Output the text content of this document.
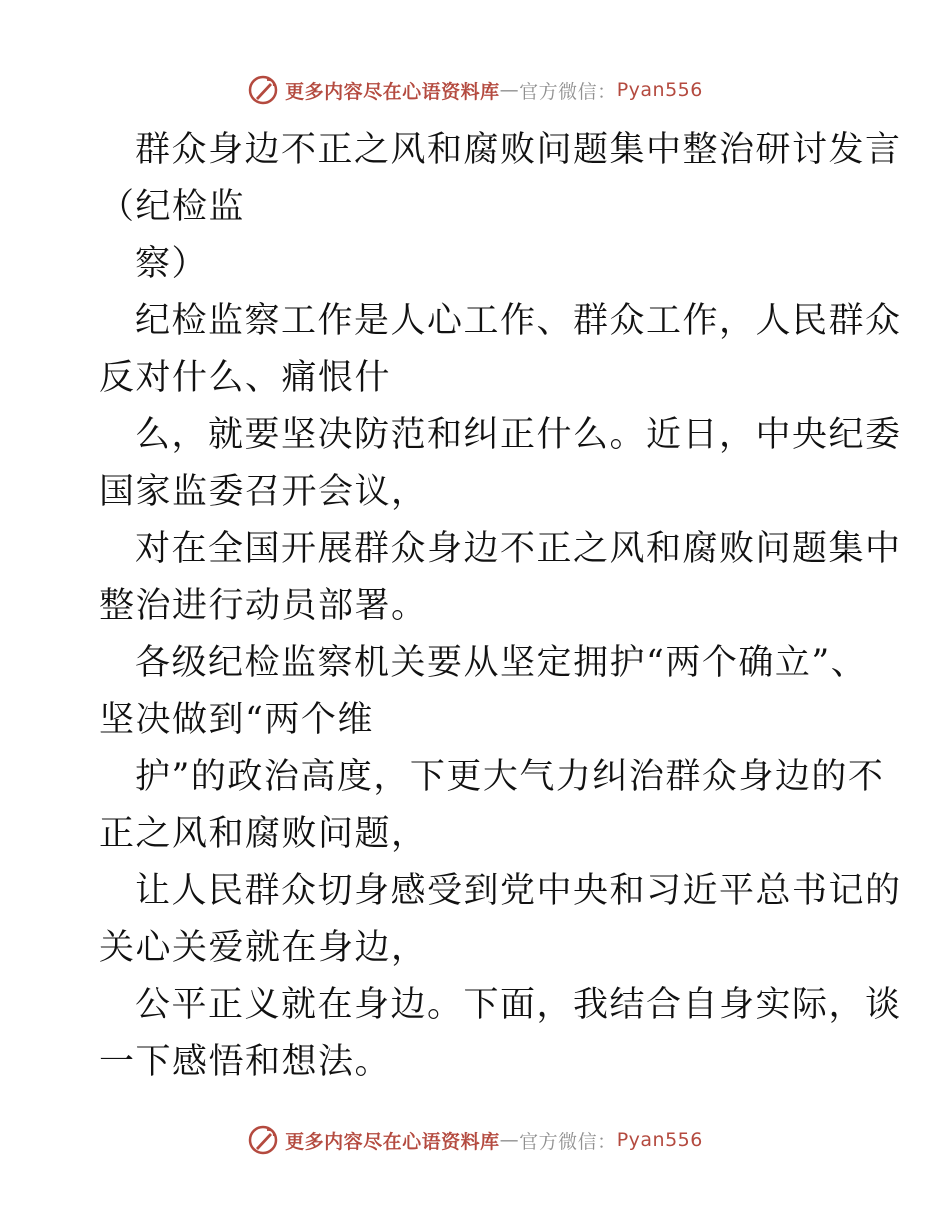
更多内容尽在心语资料库 — 官方微信： Pyan556
群众身边不正之风和腐败问题集中整治研讨发言
（纪检监
察）
纪检监察工作是人心工作、群众工作，人民群众
反对什么、痛恨什
么，就要坚决防范和纠正什么。近日，中央纪委
国家监委召开会议，
对在全国开展群众身边不正之风和腐败问题集中
整治进行动员部署。
各级纪检监察机关要从坚定拥护“两个确立”、
坚决做到“两个维
护”的政治高度，下更大气力纠治群众身边的不
正之风和腐败问题，
让人民群众切身感受到党中央和习近平总书记的
关心关爱就在身边，
公平正义就在身边。下面，我结合自身实际，谈
一下感悟和想法。
更多内容尽在心语资料库 — 官方微信： Pyan556
